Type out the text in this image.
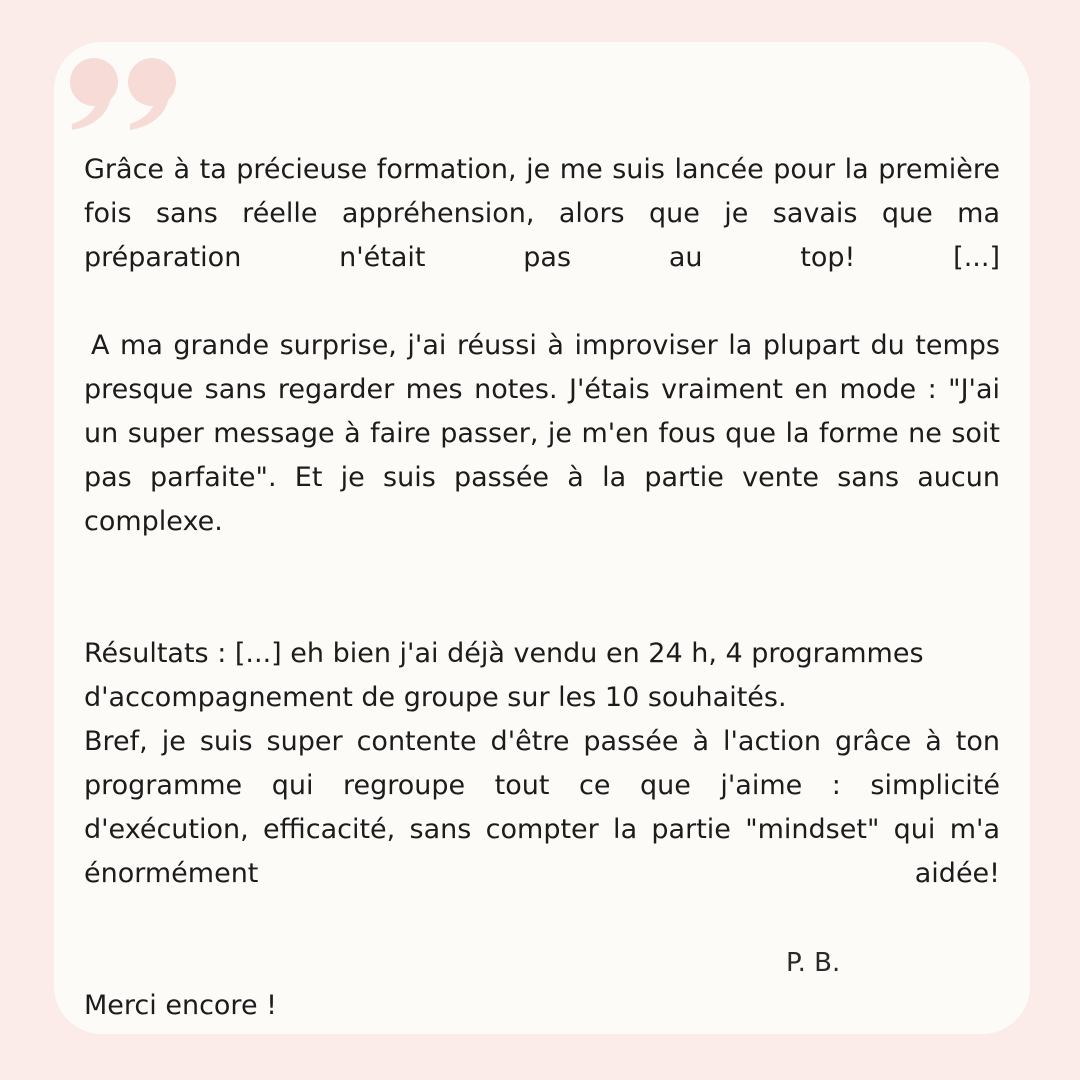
Grâce à ta précieuse formation, je me suis lancée pour la première fois sans réelle appréhension, alors que je savais que ma préparation n'était pas au top! [...]

A ma grande surprise, j'ai réussi à improviser la plupart du temps presque sans regarder mes notes. J'étais vraiment en mode : "J'ai un super message à faire passer, je m'en fous que la forme ne soit pas parfaite". Et je suis passée à la partie vente sans aucun complexe.

Résultats : [...] eh bien j'ai déjà vendu en 24 h, 4 programmes d'accompagnement de groupe sur les 10 souhaités.

Bref, je suis super contente d'être passée à l'action grâce à ton programme qui regroupe tout ce que j'aime : simplicité d'exécution, efficacité, sans compter la partie "mindset" qui m'a énormément aidée!

Merci encore !

P. B.
